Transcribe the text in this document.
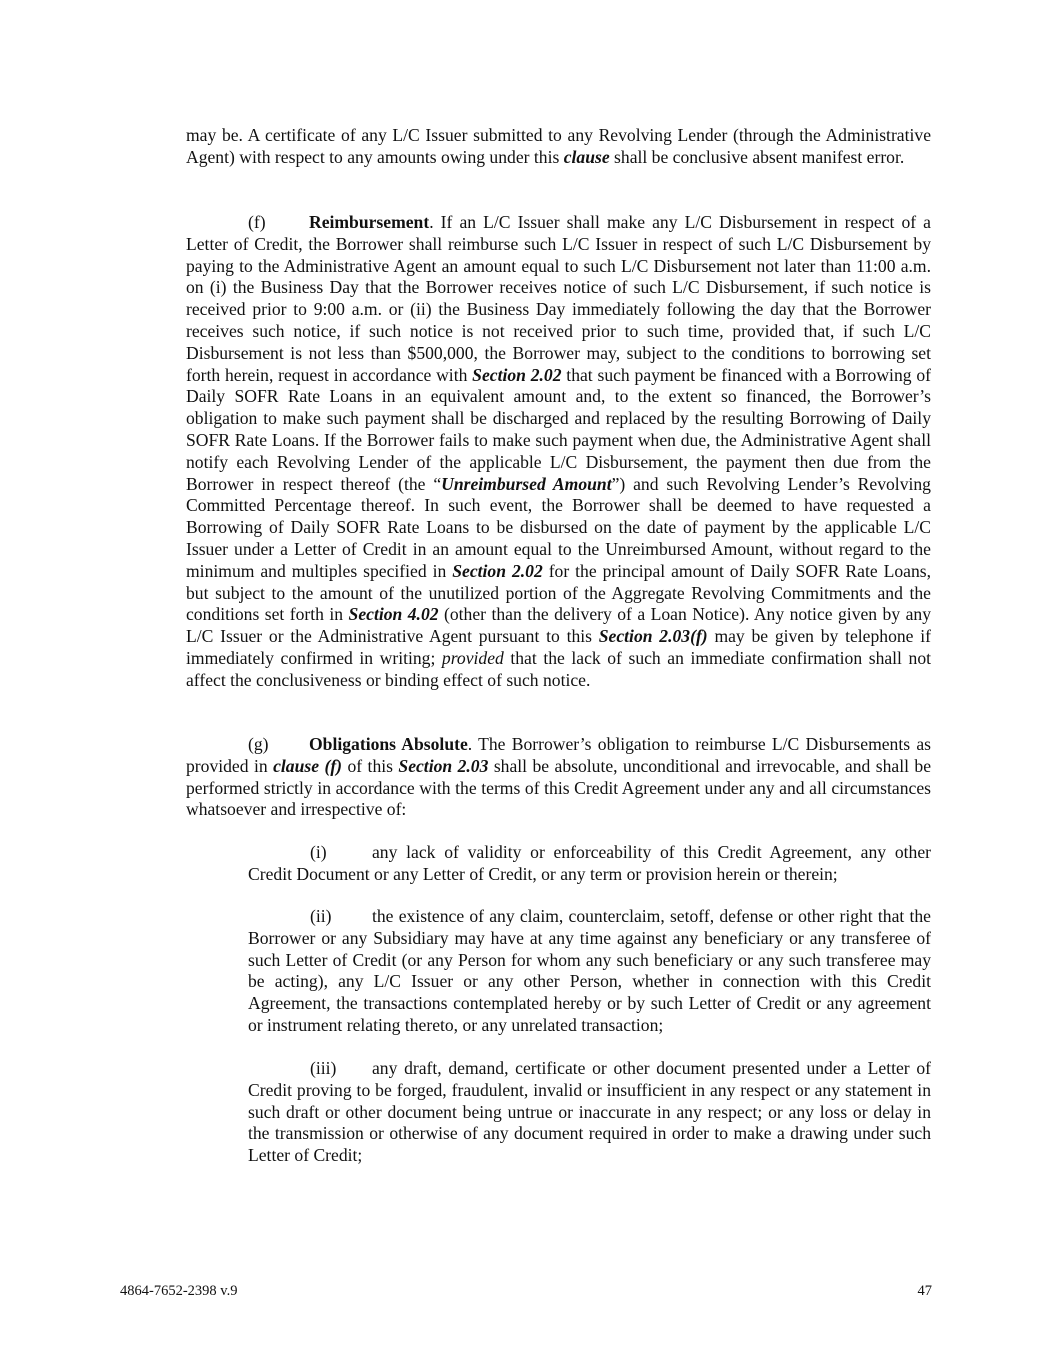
may be. A certificate of any L/C Issuer submitted to any Revolving Lender (through the Administrative Agent) with respect to any amounts owing under this clause shall be conclusive absent manifest error.

(f) Reimbursement. If an L/C Issuer shall make any L/C Disbursement in respect of a Letter of Credit, the Borrower shall reimburse such L/C Issuer in respect of such L/C Disbursement by paying to the Administrative Agent an amount equal to such L/C Disbursement not later than 11:00 a.m. on (i) the Business Day that the Borrower receives notice of such L/C Disbursement, if such notice is received prior to 9:00 a.m. or (ii) the Business Day immediately following the day that the Borrower receives such notice, if such notice is not received prior to such time, provided that, if such L/C Disbursement is not less than $500,000, the Borrower may, subject to the conditions to borrowing set forth herein, request in accordance with Section 2.02 that such payment be financed with a Borrowing of Daily SOFR Rate Loans in an equivalent amount and, to the extent so financed, the Borrower’s obligation to make such payment shall be discharged and replaced by the resulting Borrowing of Daily SOFR Rate Loans. If the Borrower fails to make such payment when due, the Administrative Agent shall notify each Revolving Lender of the applicable L/C Disbursement, the payment then due from the Borrower in respect thereof (the “Unreimbursed Amount”) and such Revolving Lender’s Revolving Committed Percentage thereof. In such event, the Borrower shall be deemed to have requested a Borrowing of Daily SOFR Rate Loans to be disbursed on the date of payment by the applicable L/C Issuer under a Letter of Credit in an amount equal to the Unreimbursed Amount, without regard to the minimum and multiples specified in Section 2.02 for the principal amount of Daily SOFR Rate Loans, but subject to the amount of the unutilized portion of the Aggregate Revolving Commitments and the conditions set forth in Section 4.02 (other than the delivery of a Loan Notice). Any notice given by any L/C Issuer or the Administrative Agent pursuant to this Section 2.03(f) may be given by telephone if immediately confirmed in writing; provided that the lack of such an immediate confirmation shall not affect the conclusiveness or binding effect of such notice.

(g) Obligations Absolute. The Borrower’s obligation to reimburse L/C Disbursements as provided in clause (f) of this Section 2.03 shall be absolute, unconditional and irrevocable, and shall be performed strictly in accordance with the terms of this Credit Agreement under any and all circumstances whatsoever and irrespective of:

(i)	any lack of validity or enforceability of this Credit Agreement, any other Credit Document or any Letter of Credit, or any term or provision herein or therein;

(ii) the existence of any claim, counterclaim, setoff, defense or other right that the Borrower or any Subsidiary may have at any time against any beneficiary or any transferee of such Letter of Credit (or any Person for whom any such beneficiary or any such transferee may be acting), any L/C Issuer or any other Person, whether in connection with this Credit Agreement, the transactions contemplated hereby or by such Letter of Credit or any agreement or instrument relating thereto, or any unrelated transaction;

(iii) any draft, demand, certificate or other document presented under a Letter of Credit proving to be forged, fraudulent, invalid or insufficient in any respect or any statement in such draft or other document being untrue or inaccurate in any respect; or any loss or delay in the transmission or otherwise of any document required in order to make a drawing under such Letter of Credit;

4864-7652-2398 v.9	47
